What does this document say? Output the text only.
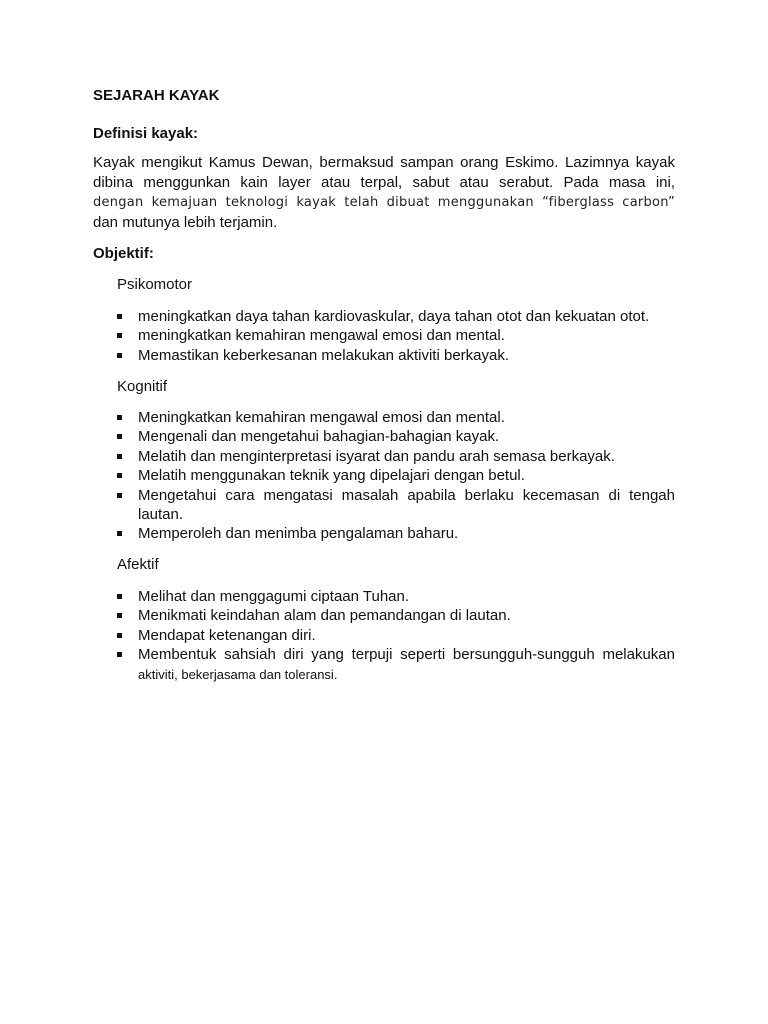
SEJARAH KAYAK
Definisi kayak:

Kayak mengikut Kamus Dewan, bermaksud sampan orang Eskimo. Lazimnya kayak
dibina menggunkan kain layer atau terpal, sabut atau serabut. Pada masa ini,
dengan kemajuan teknologi kayak telah dibuat menggunakan “fiberglass carbon”
dan mutunya lebih terjamin.

Objektif:

Psikomotor

meningkatkan daya tahan kardiovaskular, daya tahan otot dan kekuatan otot.
meningkatkan kemahiran mengawal emosi dan mental.
Memastikan keberkesanan melakukan aktiviti berkayak.

Kognitif

Meningkatkan kemahiran mengawal emosi dan mental.
Mengenali dan mengetahui bahagian-bahagian kayak.
Melatih dan menginterpretasi isyarat dan pandu arah semasa berkayak.
Melatih menggunakan teknik yang dipelajari dengan betul.
Mengetahui cara mengatasi masalah apabila berlaku kecemasan di tengah
lautan.
Memperoleh dan menimba pengalaman baharu.

Afektif

Melihat dan menggagumi ciptaan Tuhan.
Menikmati keindahan alam dan pemandangan di lautan.
Mendapat ketenangan diri.
Membentuk sahsiah diri yang terpuji seperti bersungguh-sungguh melakukan
aktiviti, bekerjasama dan toleransi.
